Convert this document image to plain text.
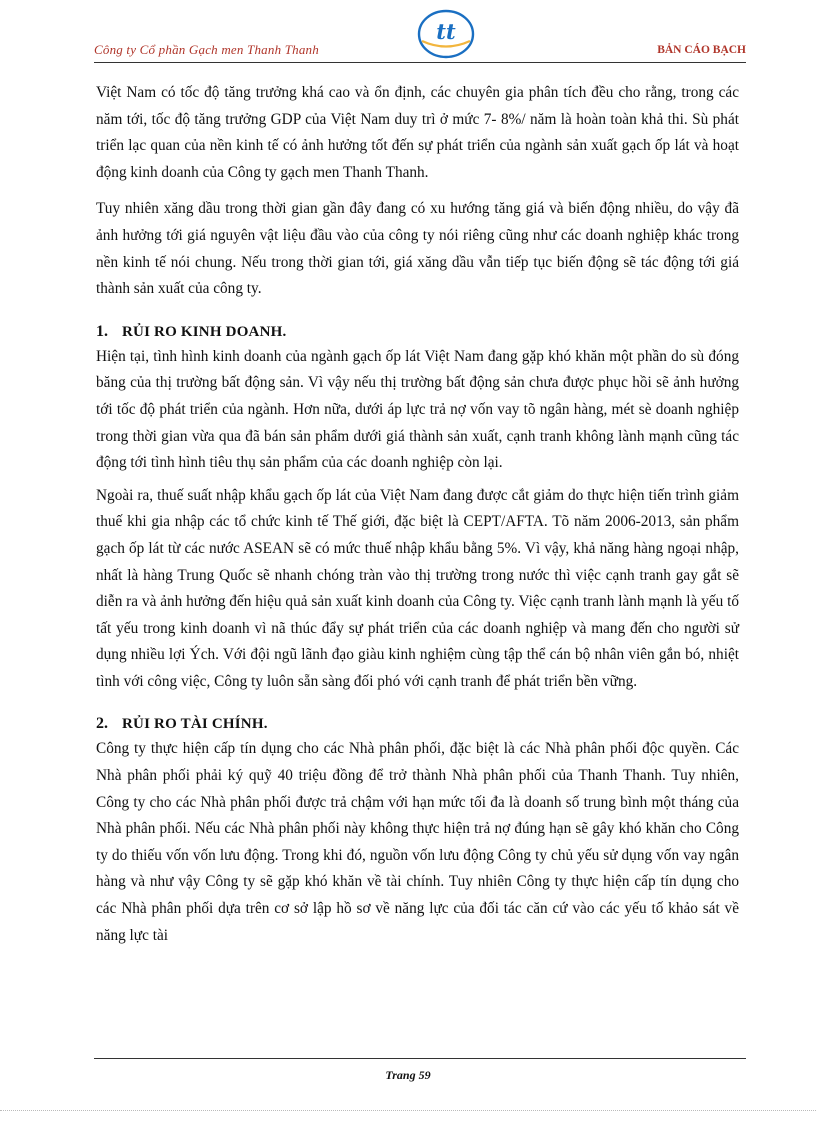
Công ty Cổ phần Gạch men Thanh Thanh
tt
BẢN CÁO BẠCH

Việt Nam có tốc độ tăng trưởng khá cao và ổn định, các chuyên gia phân tích đều cho rằng, trong các năm tới, tốc độ tăng trưởng GDP của Việt Nam duy trì ở mức 7- 8%/ năm là hoàn toàn khả thi. Sù phát triển lạc quan của nền kinh tế có ảnh hưởng tốt đến sự phát triển của ngành sản xuất gạch ốp lát và hoạt động kinh doanh của Công ty gạch men Thanh Thanh.

Tuy nhiên xăng dầu trong thời gian gần đây đang có xu hướng tăng giá và biến động nhiều, do vậy đã ảnh hưởng tới giá nguyên vật liệu đầu vào của công ty nói riêng cũng như các doanh nghiệp khác trong nền kinh tế nói chung. Nếu trong thời gian tới, giá xăng dầu vẫn tiếp tục biến động sẽ tác động tới giá thành sản xuất của công ty.

1. RỦI RO KINH DOANH.

Hiện tại, tình hình kinh doanh của ngành gạch ốp lát Việt Nam đang gặp khó khăn một phần do sù đóng băng của thị trường bất động sản. Vì vậy nếu thị trường bất động sản chưa được phục hồi sẽ ảnh hưởng tới tốc độ phát triển của ngành. Hơn nữa, dưới áp lực trả nợ vốn vay tõ ngân hàng, mét sè doanh nghiệp trong thời gian vừa qua đã bán sản phẩm dưới giá thành sản xuất, cạnh tranh không lành mạnh cũng tác động tới tình hình tiêu thụ sản phẩm của các doanh nghiệp còn lại.

Ngoài ra, thuế suất nhập khẩu gạch ốp lát của Việt Nam đang được cắt giảm do thực hiện tiến trình giảm thuế khi gia nhập các tổ chức kinh tế Thế giới, đặc biệt là CEPT/AFTA. Tõ năm 2006-2013, sản phẩm gạch ốp lát từ các nước ASEAN sẽ có mức thuế nhập khẩu bằng 5%. Vì vậy, khả năng hàng ngoại nhập, nhất là hàng Trung Quốc sẽ nhanh chóng tràn vào thị trường trong nước thì việc cạnh tranh gay gắt sẽ diễn ra và ảnh hưởng đến hiệu quả sản xuất kinh doanh của Công ty. Việc cạnh tranh lành mạnh là yếu tố tất yếu trong kinh doanh vì nã thúc đẩy sự phát triển của các doanh nghiệp và mang đến cho người sử dụng nhiều lợi Ých. Với đội ngũ lãnh đạo giàu kinh nghiệm cùng tập thể cán bộ nhân viên gắn bó, nhiệt tình với công việc, Công ty luôn sẵn sàng đối phó với cạnh tranh để phát triển bền vững.

2. RỦI RO TÀI CHÍNH.

Công ty thực hiện cấp tín dụng cho các Nhà phân phối, đặc biệt là các Nhà phân phối độc quyền. Các Nhà phân phối phải ký quỹ 40 triệu đồng để trở thành Nhà phân phối của Thanh Thanh. Tuy nhiên, Công ty cho các Nhà phân phối được trả chậm với hạn mức tối đa là doanh số trung bình một tháng của Nhà phân phối. Nếu các Nhà phân phối này không thực hiện trả nợ đúng hạn sẽ gây khó khăn cho Công ty do thiếu vốn vốn lưu động. Trong khi đó, nguồn vốn lưu động Công ty chủ yếu sử dụng vốn vay ngân hàng và như vậy Công ty sẽ gặp khó khăn về tài chính. Tuy nhiên Công ty thực hiện cấp tín dụng cho các Nhà phân phối dựa trên cơ sở lập hồ sơ về năng lực của đối tác căn cứ vào các yếu tố khảo sát về năng lực tài

Trang 59
